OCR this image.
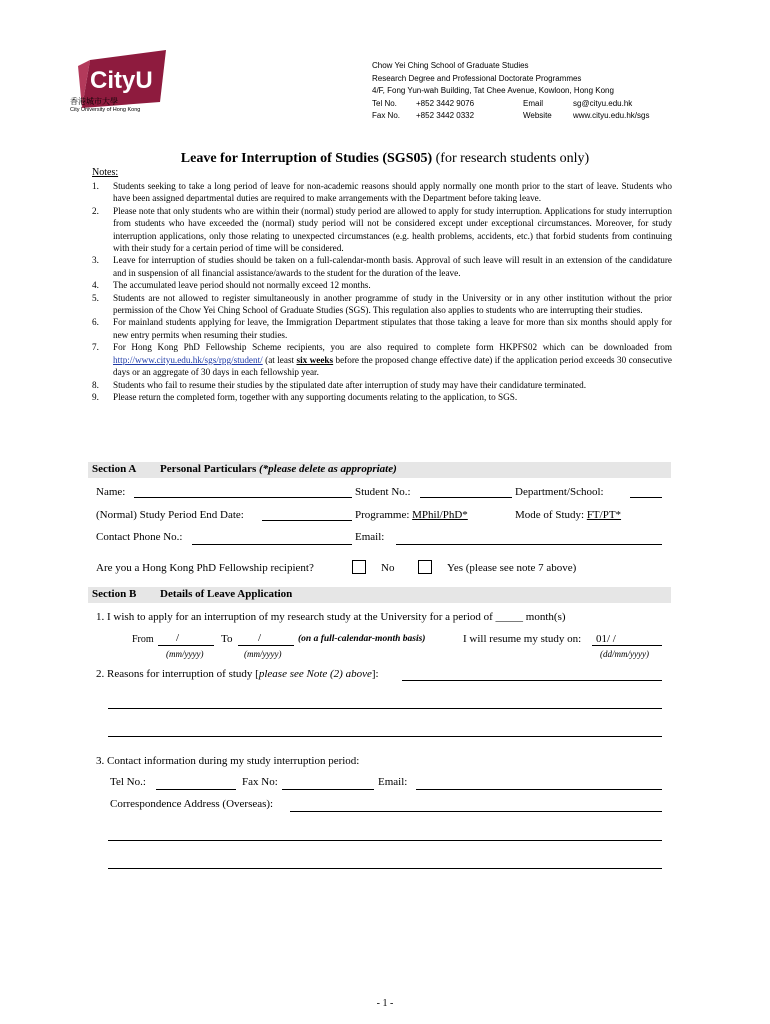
CityU
香港城市大學
City University of Hong Kong
Chow Yei Ching School of Graduate Studies
Research Degree and Professional Doctorate Programmes
4/F, Fong Yun-wah Building, Tat Chee Avenue, Kowloon, Hong Kong
Tel No.	+852 3442 9076	Email	sg@cityu.edu.hk
Fax No.	+852 3442 0332	Website	www.cityu.edu.hk/sgs
Leave for Interruption of Studies (SGS05) (for research students only)
Notes:
1.	Students seeking to take a long period of leave for non-academic reasons should apply normally one month prior to the start of leave. Students who have been assigned departmental duties are required to make arrangements with the Department before taking leave.
2.	Please note that only students who are within their (normal) study period are allowed to apply for study interruption. Applications for study interruption from students who have exceeded the (normal) study period will not be considered except under exceptional circumstances. Moreover, for study interruption applications, only those relating to unexpected circumstances (e.g. health problems, accidents, etc.) that forbid students from continuing with their study for a certain period of time will be considered.
3.	Leave for interruption of studies should be taken on a full-calendar-month basis. Approval of such leave will result in an extension of the candidature and in suspension of all financial assistance/awards to the student for the duration of the leave.
4.	The accumulated leave period should not normally exceed 12 months.
5.	Students are not allowed to register simultaneously in another programme of study in the University or in any other institution without the prior permission of the Chow Yei Ching School of Graduate Studies (SGS). This regulation also applies to students who are interrupting their studies.
6.	For mainland students applying for leave, the Immigration Department stipulates that those taking a leave for more than six months should apply for new entry permits when resuming their studies.
7.	For Hong Kong PhD Fellowship Scheme recipients, you are also required to complete form HKPFS02 which can be downloaded from http://www.cityu.edu.hk/sgs/rpg/student/ (at least six weeks before the proposed change effective date) if the application period exceeds 30 consecutive days or an aggregate of 30 days in each fellowship year.
8.	Students who fail to resume their studies by the stipulated date after interruption of study may have their candidature terminated.
9.	Please return the completed form, together with any supporting documents relating to the application, to SGS.
Section A Personal Particulars (*please delete as appropriate)
Name:	Student No.:	Department/School:
(Normal) Study Period End Date:	Programme: MPhil/PhD*	Mode of Study: FT/PT*
Contact Phone No.:	Email:
Are you a Hong Kong PhD Fellowship recipient?	No	Yes (please see note 7 above)
Section B Details of Leave Application
1. I wish to apply for an interruption of my research study at the University for a period of _____ month(s)
From /	To /	(on a full-calendar-month basis)	I will resume my study on: 01/ /
(mm/yyyy)	(mm/yyyy)	(dd/mm/yyyy)
2. Reasons for interruption of study [please see Note (2) above]:
3. Contact information during my study interruption period:
Tel No.:	Fax No:	Email:
Correspondence Address (Overseas):
- 1 -
